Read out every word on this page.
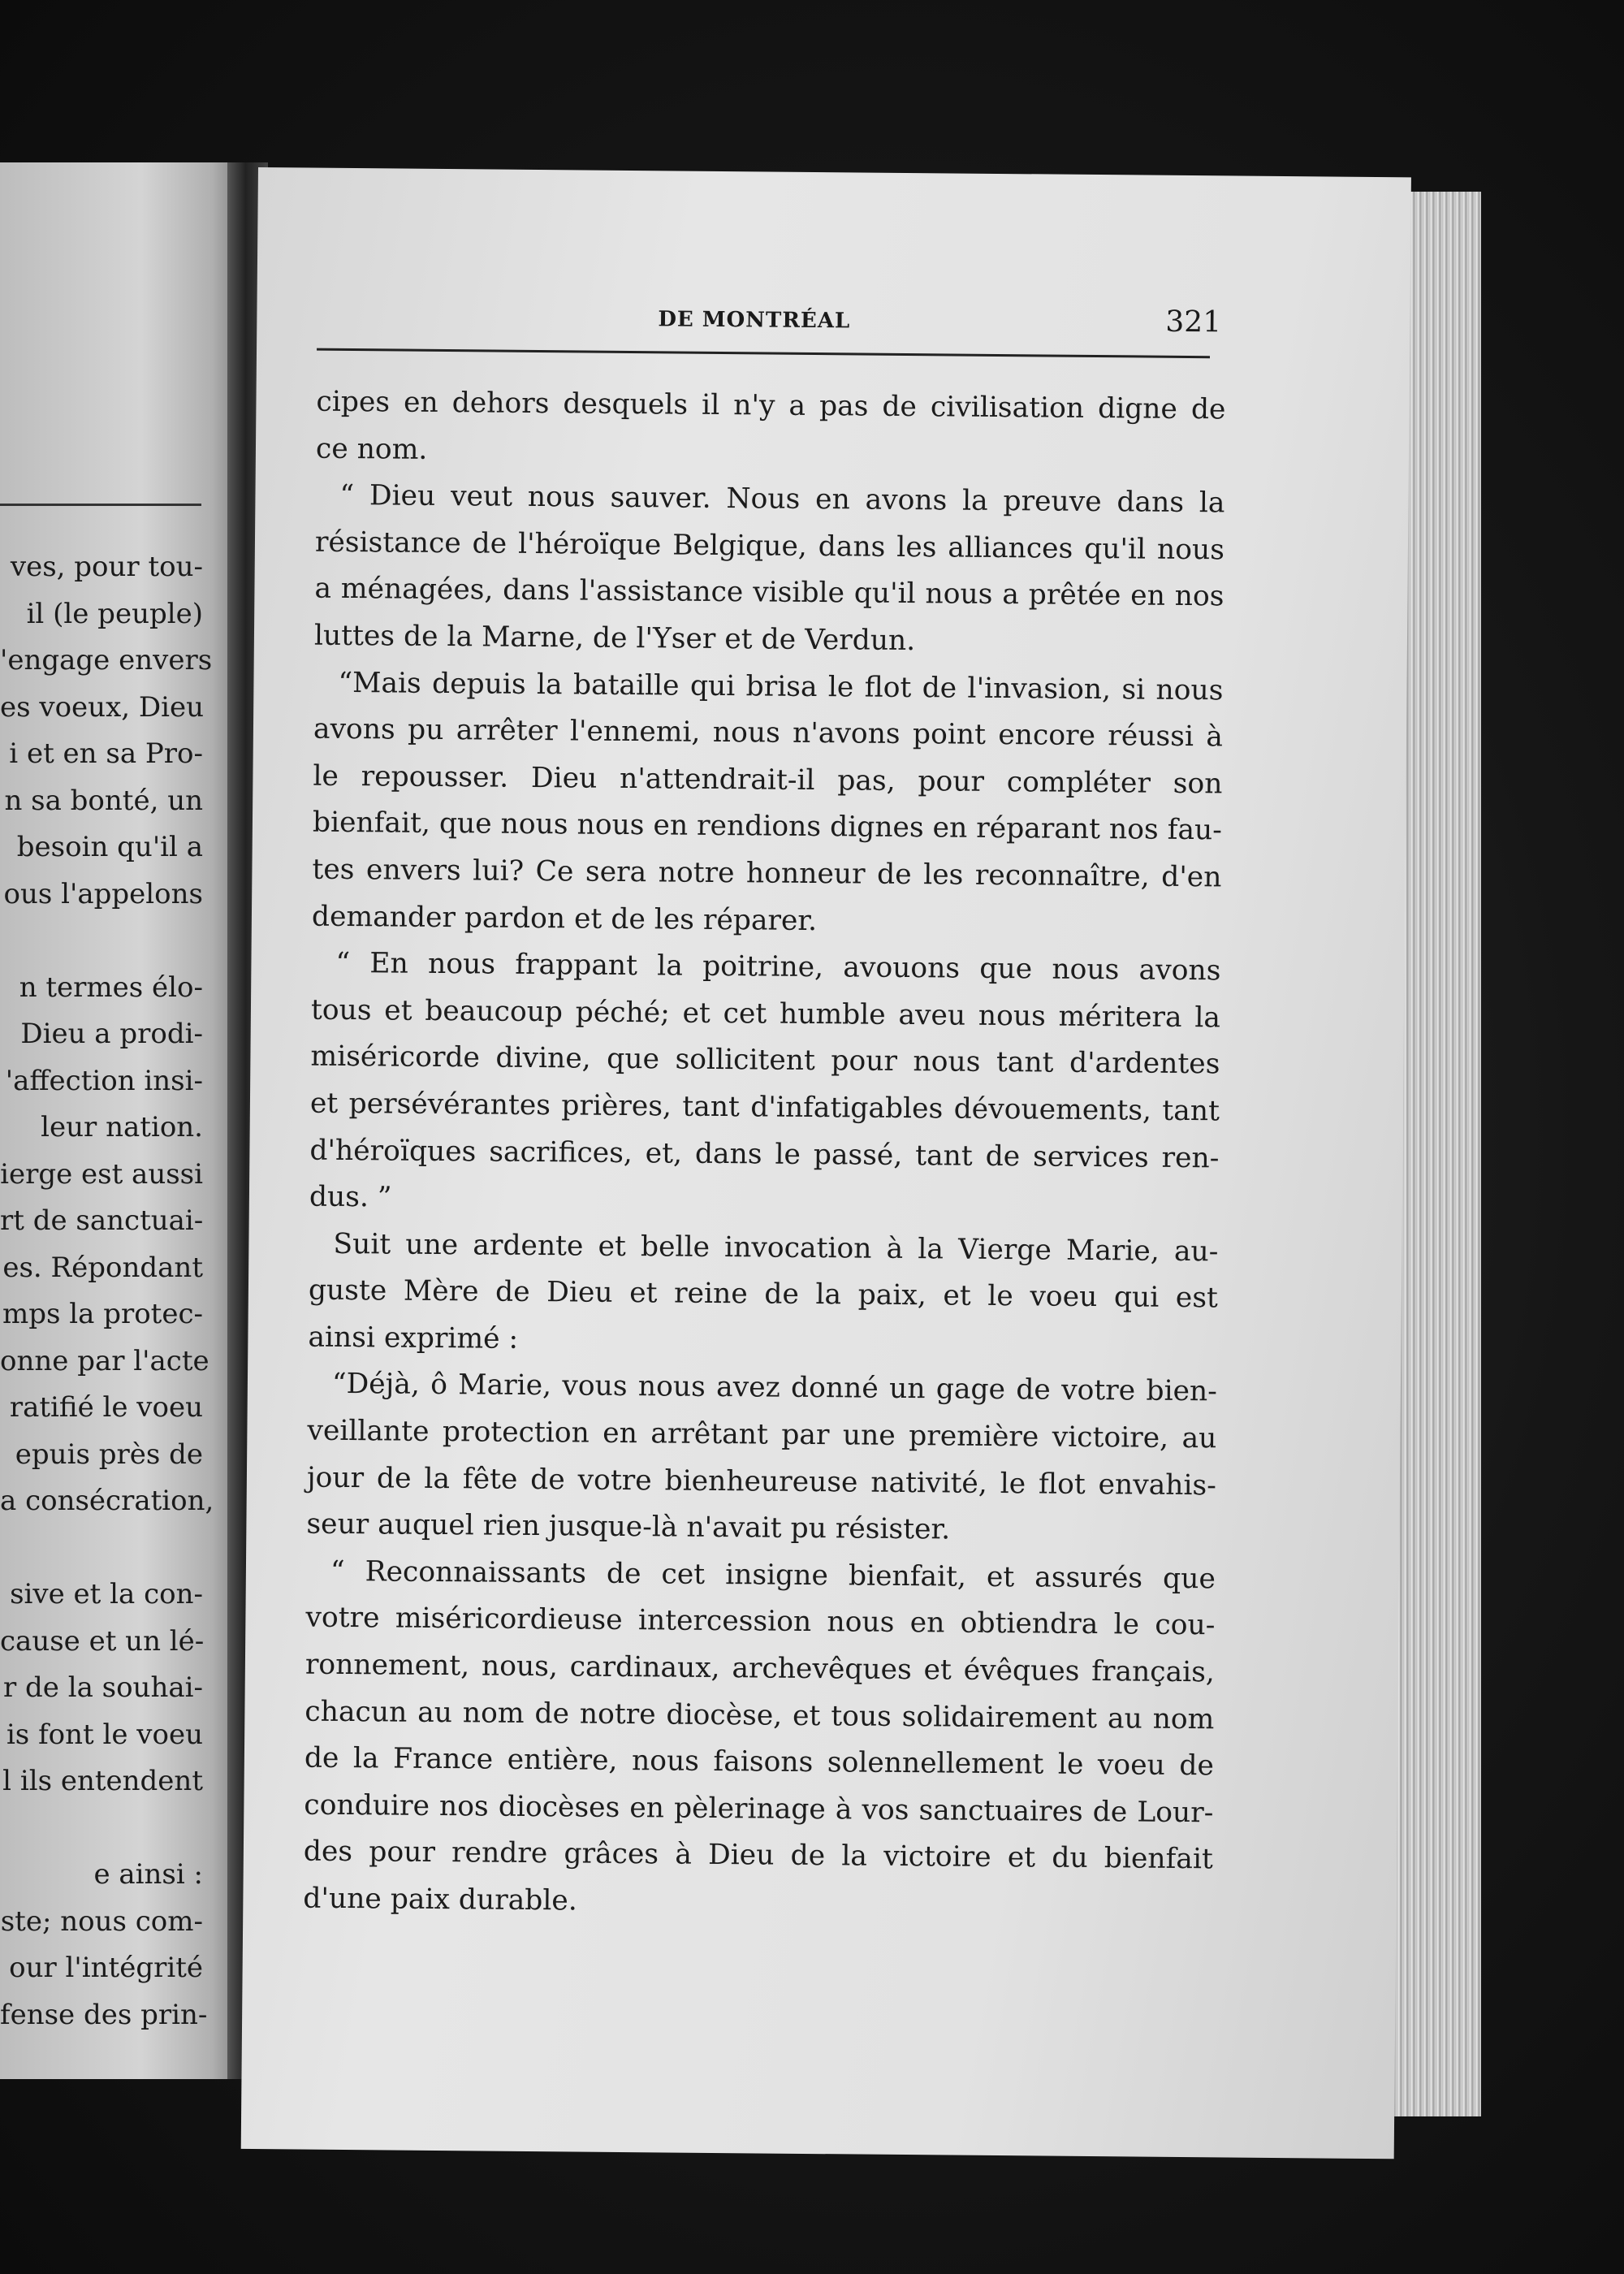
ves, pour tou-
il (le peuple)
'engage envers
es voeux, Dieu
i et en sa Pro-
n sa bonté, un
besoin qu'il a
ous l'appelons
n termes élo-
Dieu a prodi-
'affection insi-
leur nation.
ierge est aussi
rt de sanctuai-
es. Répondant
mps la protec-
onne par l'acte
ratifié le voeu
epuis près de
a consécration,
sive et la con-
cause et un lé-
r de la souhai-
is font le voeu
l ils entendent
e ainsi :
ste; nous com-
our l'intégrité
fense des prin-
DE MONTRÉAL	321
cipes en dehors desquels il n'y a pas de civilisation digne de
ce nom.
“ Dieu veut nous sauver. Nous en avons la preuve dans la
résistance de l'héroïque Belgique, dans les alliances qu'il nous
a ménagées, dans l'assistance visible qu'il nous a prêtée en nos
luttes de la Marne, de l'Yser et de Verdun.
“Mais depuis la bataille qui brisa le flot de l'invasion, si nous
avons pu arrêter l'ennemi, nous n'avons point encore réussi à
le repousser. Dieu n'attendrait-il pas, pour compléter son
bienfait, que nous nous en rendions dignes en réparant nos fau-
tes envers lui? Ce sera notre honneur de les reconnaître, d'en
demander pardon et de les réparer.
“ En nous frappant la poitrine, avouons que nous avons
tous et beaucoup péché; et cet humble aveu nous méritera la
miséricorde divine, que sollicitent pour nous tant d'ardentes
et persévérantes prières, tant d'infatigables dévouements, tant
d'héroïques sacrifices, et, dans le passé, tant de services ren-
dus. ”
Suit une ardente et belle invocation à la Vierge Marie, au-
guste Mère de Dieu et reine de la paix, et le voeu qui est
ainsi exprimé :
“Déjà, ô Marie, vous nous avez donné un gage de votre bien-
veillante protection en arrêtant par une première victoire, au
jour de la fête de votre bienheureuse nativité, le flot envahis-
seur auquel rien jusque-là n'avait pu résister.
“ Reconnaissants de cet insigne bienfait, et assurés que
votre miséricordieuse intercession nous en obtiendra le cou-
ronnement, nous, cardinaux, archevêques et évêques français,
chacun au nom de notre diocèse, et tous solidairement au nom
de la France entière, nous faisons solennellement le voeu de
conduire nos diocèses en pèlerinage à vos sanctuaires de Lour-
des pour rendre grâces à Dieu de la victoire et du bienfait
d'une paix durable.
